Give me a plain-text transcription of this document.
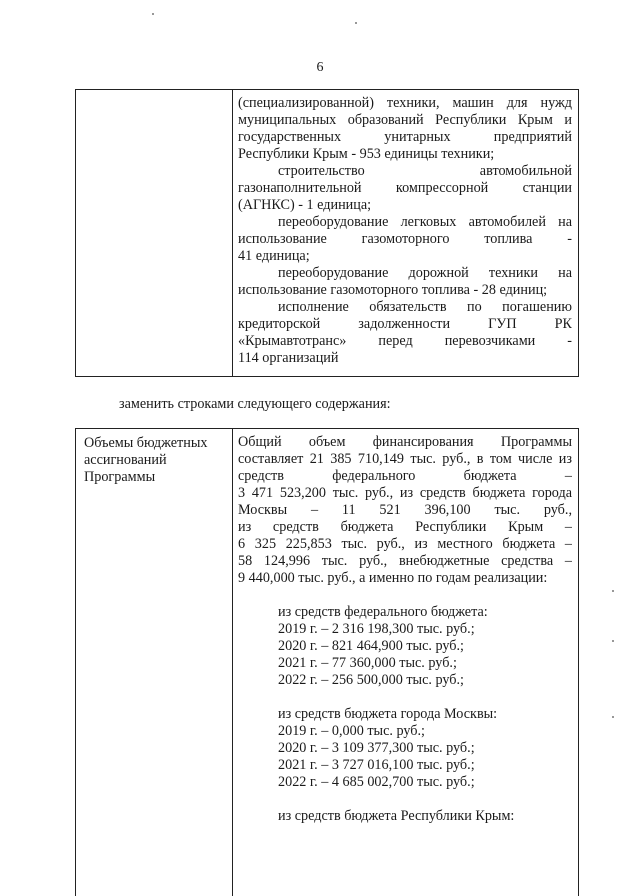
6
(специализированной) техники, машин для нужд
муниципальных образований Республики Крым и
государственных унитарных предприятий
Республики Крым - 953 единицы техники;
строительство автомобильной
газонаполнительной компрессорной станции
(АГНКС) - 1 единица;
переоборудование легковых автомобилей на
использование газомоторного топлива -
41 единица;
переоборудование дорожной техники на
использование газомоторного топлива - 28 единиц;
исполнение обязательств по погашению
кредиторской задолженности ГУП РК
«Крымавтотранс» перед перевозчиками -
114 организаций
заменить строками следующего содержания:
Объемы бюджетных
ассигнований
Программы
Общий объем финансирования Программы
составляет 21 385 710,149 тыс. руб., в том числе из
средств федерального бюджета –
3 471 523,200 тыс. руб., из средств бюджета города
Москвы – 11 521 396,100 тыс. руб.,
из средств бюджета Республики Крым –
6 325 225,853 тыс. руб., из местного бюджета –
58 124,996 тыс. руб., внебюджетные средства –
9 440,000 тыс. руб., а именно по годам реализации:
из средств федерального бюджета:
2019 г. – 2 316 198,300 тыс. руб.;
2020 г. – 821 464,900 тыс. руб.;
2021 г. – 77 360,000 тыс. руб.;
2022 г. – 256 500,000 тыс. руб.;
из средств бюджета города Москвы:
2019 г. – 0,000 тыс. руб.;
2020 г. – 3 109 377,300 тыс. руб.;
2021 г. – 3 727 016,100 тыс. руб.;
2022 г. – 4 685 002,700 тыс. руб.;
из средств бюджета Республики Крым:
